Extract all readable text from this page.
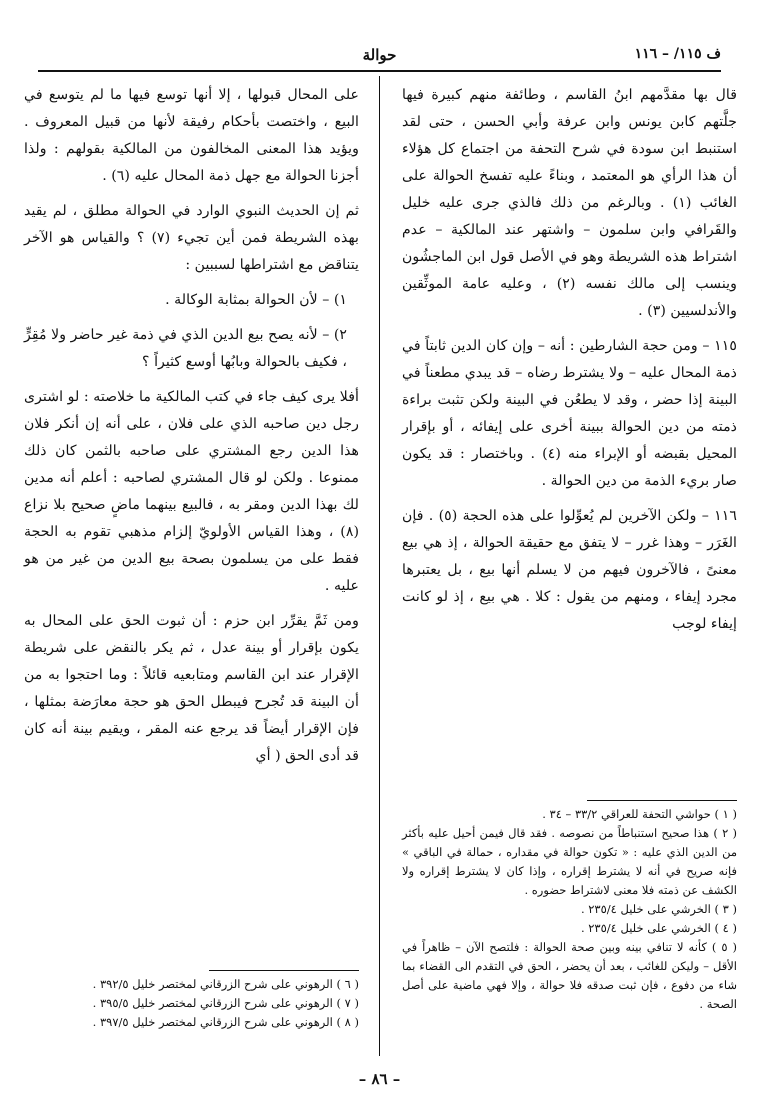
ف ١١٥/ – ١١٦
حوالة

قال بها مقدَّمهم ابنُ القاسم ، وطائفة منهم كبيرة فيها جلَّتهم كابن يونس وابن عرفة وأبي الحسن ، حتى لقد استنبط ابن سودة في شرح التحفة من اجتماع كل هؤلاء أن هذا الرأي هو المعتمد ، وبناءً عليه تفسخ الحوالة على الغائب (١) . وبالرغم من ذلك فالذي جرى عليه خليل والقَرافي وابن سلمون – واشتهر عند المالكية – عدم اشتراط هذه الشريطة وهو في الأصل قول ابن الماجشُون وينسب إلى مالك نفسه (٢) ، وعليه عامة الموثِّقين والأندلسيين (٣) .

١١٥ – ومن حجة الشارطين : أنه – وإن كان الدين ثابتاً في ذمة المحال عليه – ولا يشترط رضاه – قد يبدي مطعناً في البينة إذا حضر ، وقد لا يطعُن في البينة ولكن تثبت براءة ذمته من دين الحوالة ببينة أخرى على إيفائه ، أو بإقرار المحيل بقبضه أو الإبراء منه (٤) . وباختصار : قد يكون صار بريء الذمة من دين الحوالة .

١١٦ – ولكن الآخرين لم يُعوِّلوا على هذه الحجة (٥) . فإن الغَرَر – وهذا غرر – لا يتفق مع حقيقة الحوالة ، إذ هي بيع معنىً ، فالآخرون فيهم من لا يسلم أنها بيع ، بل يعتبرها مجرد إيفاء ، ومنهم من يقول : كلا . هي بيع ، إذ لو كانت إيفاء لوجب

( ١ ) حواشي التحفة للعراقي ٣٣/٢ – ٣٤ .

( ٢ ) هذا صحيح استنباطاً من نصوصه . فقد قال فيمن أحيل عليه بأكثر من الدين الذي عليه : « تكون حوالة في مقداره ، حمالة في الباقي » فإنه صريح في أنه لا يشترط إقراره ، وإذا كان لا يشترط إقراره ولا الكشف عن ذمته فلا معنى لاشتراط حضوره .

( ٣ ) الخرشي على خليل ٢٣٥/٤ .

( ٤ ) الخرشي على خليل ٢٣٥/٤ .

( ٥ ) كأنه لا تنافي بينه وبين صحة الحوالة : فلتصح الآن – ظاهراً في الأقل – وليكن للغائب ، بعد أن يحضر ، الحق في التقدم الى القضاء بما شاء من دفوع ، فإن ثبت صدقه فلا حوالة ، وإلا فهي ماضية على أصل الصحة .

على المحال قبولها ، إلا أنها توسع فيها ما لم يتوسع في البيع ، واختصت بأحكام رفيقة لأنها من قبيل المعروف . ويؤيد هذا المعنى المخالفون من المالكية بقولهم : ولذا أجزنا الحوالة مع جهل ذمة المحال عليه (٦) .

ثم إن الحديث النبوي الوارد في الحوالة مطلق ، لم يقيد بهذه الشريطة فمن أين تجيء (٧) ؟ والقياس هو الآخر يتناقض مع اشتراطها لسببين :

١) – لأن الحوالة بمثابة الوكالة .

٢) – لأنه يصح بيع الدين الذي في ذمة غير حاضر ولا مُقِرٍّ ، فكيف بالحوالة وبابُها أوسع كثيراً ؟

أفلا يرى كيف جاء في كتب المالكية ما خلاصته : لو اشترى رجل دين صاحبه الذي على فلان ، على أنه إن أنكر فلان هذا الدين رجع المشتري على صاحبه بالثمن كان ذلك ممنوعا . ولكن لو قال المشتري لصاحبه : أعلم أنه مدين لك بهذا الدين ومقر به ، فالبيع بينهما ماضٍ صحيح بلا نزاع (٨) ، وهذا القياس الأولويّ إلزام مذهبي تقوم به الحجة فقط على من يسلمون بصحة بيع الدين من غير من هو عليه .

ومن ثَمَّ يقرِّر ابن حزم : أن ثبوت الحق على المحال به يكون بإقرار أو بينة عدل ، ثم يكر بالنقض على شريطة الإقرار عند ابن القاسم ومتابعيه قائلاً : وما احتجوا به من أن البينة قد تُجرح فيبطل الحق هو حجة معارَضة بمثلها ، فإن الإقرار أيضاً قد يرجع عنه المقر ، ويقيم بينة أنه كان قد أدى الحق ( أي

( ٦ ) الرهوني على شرح الزرقاني لمختصر خليل ٣٩٢/٥ .

( ٧ ) الرهوني على شرح الزرقاني لمختصر خليل ٣٩٥/٥ .

( ٨ ) الرهوني على شرح الزرقاني لمختصر خليل ٣٩٧/٥ .

– ٨٦ –
